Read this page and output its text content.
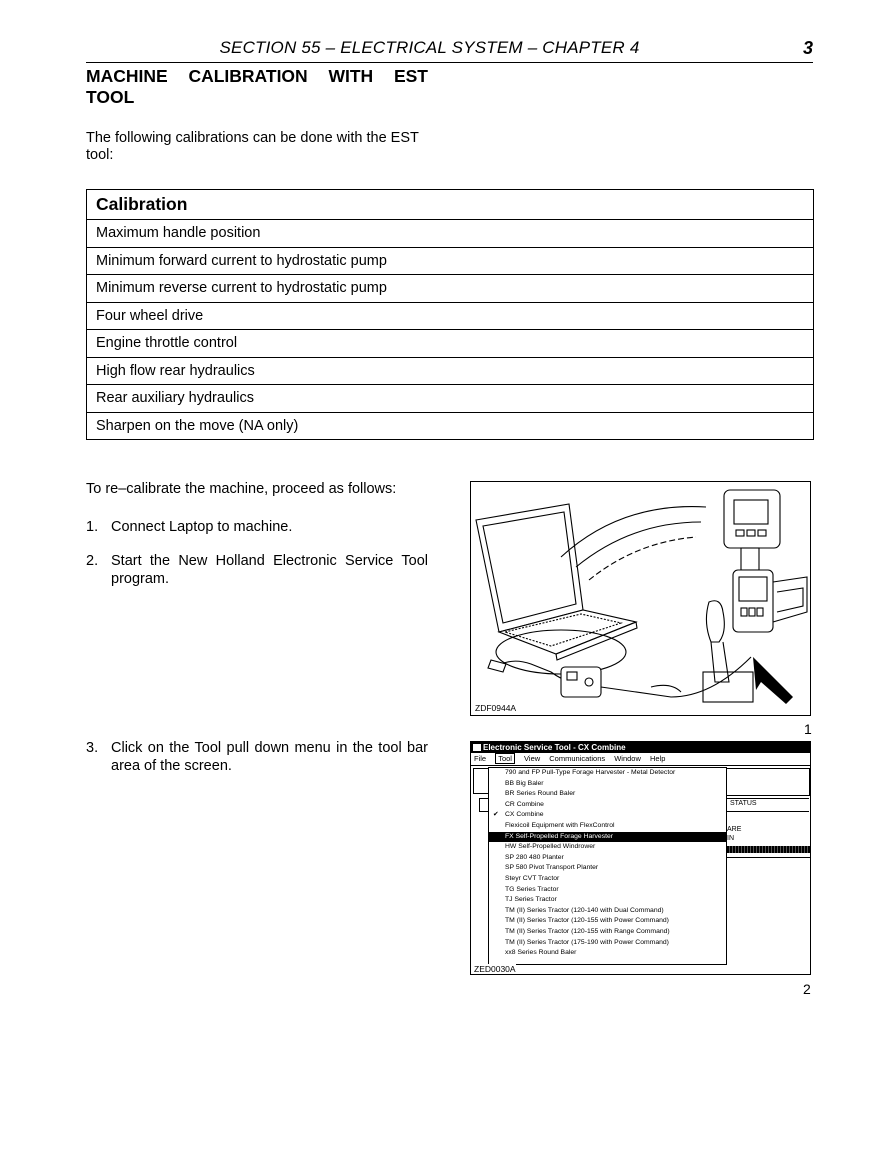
SECTION 55 – ELECTRICAL SYSTEM – CHAPTER 4	3
MACHINE CALIBRATION WITH EST
TOOL
The following calibrations can be done with the EST tool:
Calibration
Maximum handle position
Minimum forward current to hydrostatic pump
Minimum reverse current to hydrostatic pump
Four wheel drive
Engine throttle control
High flow rear hydraulics
Rear auxiliary hydraulics
Sharpen on the move (NA only)
To re–calibrate the machine, proceed as follows:
1. Connect Laptop to machine.
2. Start the New Holland Electronic Service Tool program.
3. Click on the Tool pull down menu in the tool bar area of the screen.
ZDF0944A
1
Electronic Service Tool - CX Combine
File Tool View Communications Window Help
STATUS
ARE
IN
790 and FP Pull-Type Forage Harvester - Metal Detector
BB Big Baler
BR Series Round Baler
CR Combine
✔ CX Combine
Flexicoil Equipment with FlexControl
FX Self-Propelled Forage Harvester
HW Self-Propelled Windrower
SP 280 480 Planter
SP 580 Pivot Transport Planter
Steyr CVT Tractor
TG Series Tractor
TJ Series Tractor
TM (II) Series Tractor (120-140 with Dual Command)
TM (II) Series Tractor (120-155 with Power Command)
TM (II) Series Tractor (120-155 with Range Command)
TM (II) Series Tractor (175-190 with Power Command)
xx8 Series Round Baler
ZED0030A
2
